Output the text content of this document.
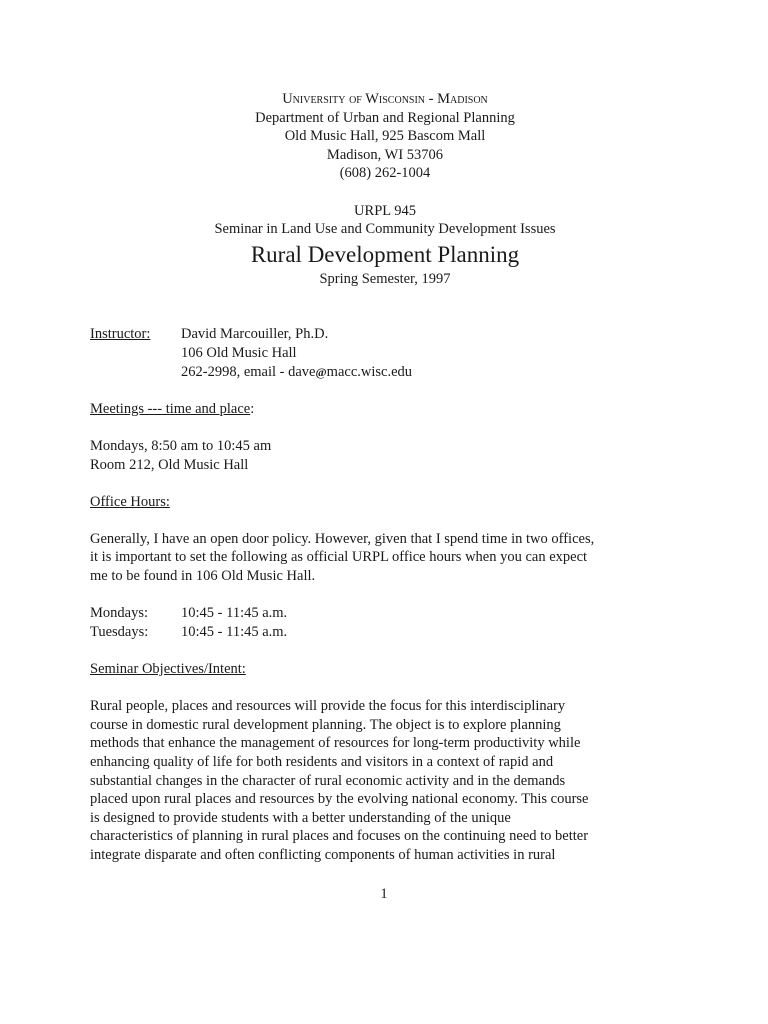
University of Wisconsin - Madison
Department of Urban and Regional Planning
Old Music Hall, 925 Bascom Mall
Madison, WI 53706
(608) 262-1004
URPL 945
Seminar in Land Use and Community Development Issues
Rural Development Planning
Spring Semester, 1997
Instructor:	David Marcouiller, Ph.D.
106 Old Music Hall
262-2998, email - dave@macc.wisc.edu
Meetings --- time and place:
Mondays, 8:50 am to 10:45 am
Room 212, Old Music Hall
Office Hours:
Generally, I have an open door policy. However, given that I spend time in two offices,
it is important to set the following as official URPL office hours when you can expect
me to be found in 106 Old Music Hall.
Mondays:	10:45 - 11:45 a.m.
Tuesdays:	10:45 - 11:45 a.m.
Seminar Objectives/Intent:
Rural people, places and resources will provide the focus for this interdisciplinary
course in domestic rural development planning. The object is to explore planning
methods that enhance the management of resources for long-term productivity while
enhancing quality of life for both residents and visitors in a context of rapid and
substantial changes in the character of rural economic activity and in the demands
placed upon rural places and resources by the evolving national economy. This course
is designed to provide students with a better understanding of the unique
characteristics of planning in rural places and focuses on the continuing need to better
integrate disparate and often conflicting components of human activities in rural
1
